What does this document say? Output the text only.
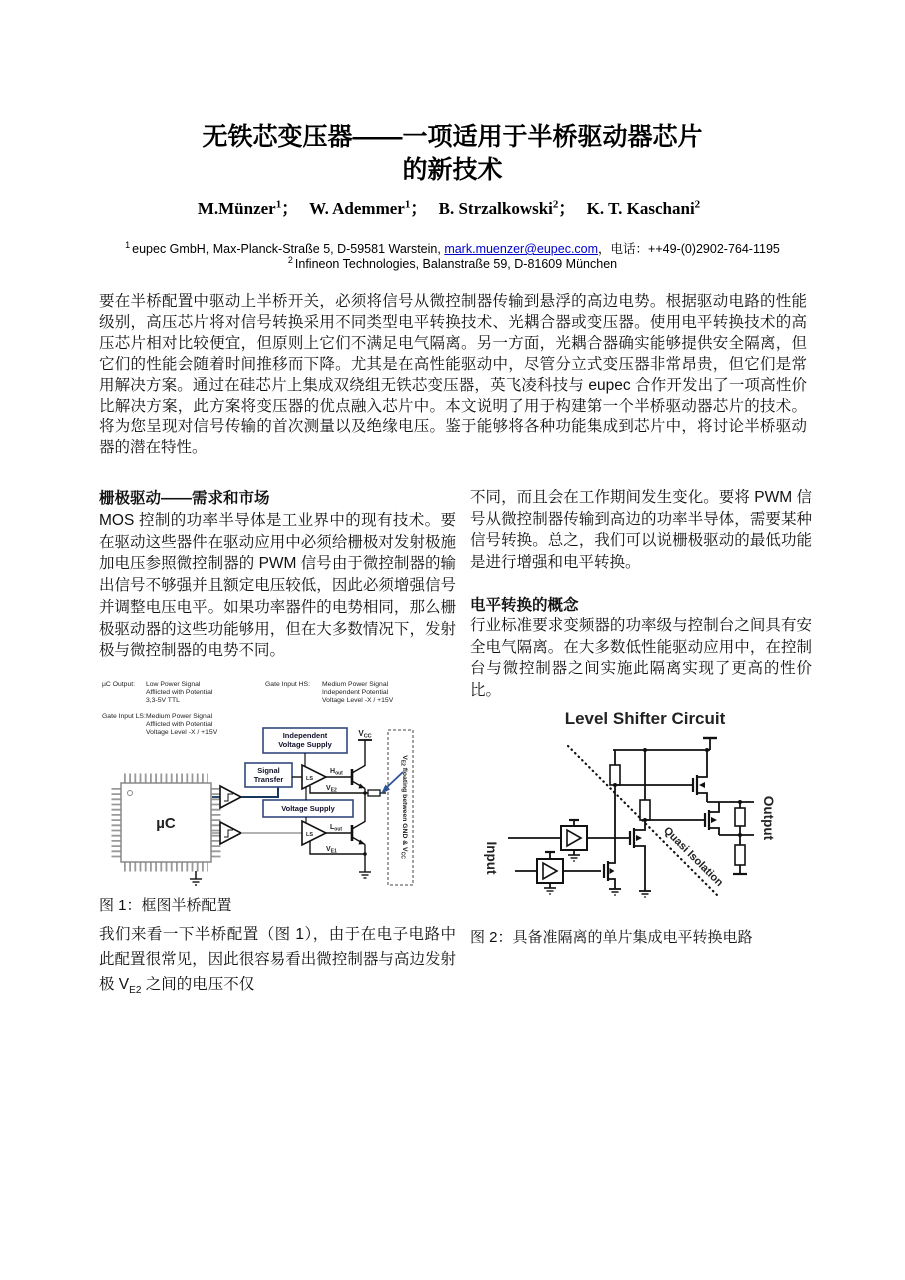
无铁芯变压器——一项适用于半桥驱动器芯片
的新技术
M.Münzer$^1$； W. Ademmer$^1$； B. Strzalkowski$^2$； K. T. Kaschani$^2$
$^1$ eupec GmbH, Max-Planck-Straße 5, D-59581 Warstein, mark.muenzer@eupec.com，电话：++49-(0)2902-764-1195
$^2$ Infineon Technologies, Balanstraße 59, D-81609 München

要在半桥配置中驱动上半桥开关，必须将信号从微控制器传输到悬浮的高边电势。根据驱动电路的性能级别，高压芯片将对信号转换采用不同类型电平转换技术、光耦合器或变压器。使用电平转换技术的高压芯片相对比较便宜，但原则上它们不满足电气隔离。另一方面，光耦合器确实能够提供安全隔离，但它们的性能会随着时间推移而下降。尤其是在高性能驱动中，尽管分立式变压器非常昂贵，但它们是常用解决方案。通过在硅芯片上集成双绕组无铁芯变压器，英飞凌科技与 eupec 合作开发出了一项高性价比解决方案，此方案将变压器的优点融入芯片中。本文说明了用于构建第一个半桥驱动器芯片的技术。将为您呈现对信号传输的首次测量以及绝缘电压。鉴于能够将各种功能集成到芯片中，将讨论半桥驱动器的潜在特性。

栅极驱动——需求和市场

MOS 控制的功率半导体是工业界中的现有技术。要在驱动这些器件在驱动应用中必须给栅极对发射极施加电压参照微控制器的 PWM 信号由于微控制器的输出信号不够强并且额定电压较低，因此必须增强信号并调整电压电平。如果功率器件的电势相同，那么栅极驱动器的这些功能够用，但在大多数情况下，发射极与微控制器的电势不同。

µC Output: Low Power Signal
Afflicted with Potential
3,3-5V TTL
Gate Input HS: Medium Power Signal
Independent Potential
Voltage Level -X / +15V
Gate Input LS: Medium Power Signal
Afflicted with Potential
Voltage Level -X / +15V
µC
Independent
Voltage Supply
Signal
Transfer
Voltage Supply
LS
VCC
$H_{out}$
$V_{E2}$
LS
$L_{out}$
$V_{E1}$
$V_{E2}$ floating between GND & $V_{CC}$

图 1：框图半桥配置

我们来看一下半桥配置（图 1），由于在电子电路中此配置很常见，因此很容易看出微控制器与高边发射极 $V_{E2}$ 之间的电压不仅

不同，而且会在工作期间发生变化。要将 PWM 信号从微控制器传输到高边的功率半导体，需要某种信号转换。总之，我们可以说栅极驱动的最低功能是进行增强和电平转换。

电平转换的概念

行业标准要求变频器的功率级与控制台之间具有安全电气隔离。在大多数低性能驱动应用中，在控制台与微控制器之间实施此隔离实现了更高的性价比。

Level Shifter Circuit
Quasi Isolation
Input
Output

图 2：具备准隔离的单片集成电平转换电路
